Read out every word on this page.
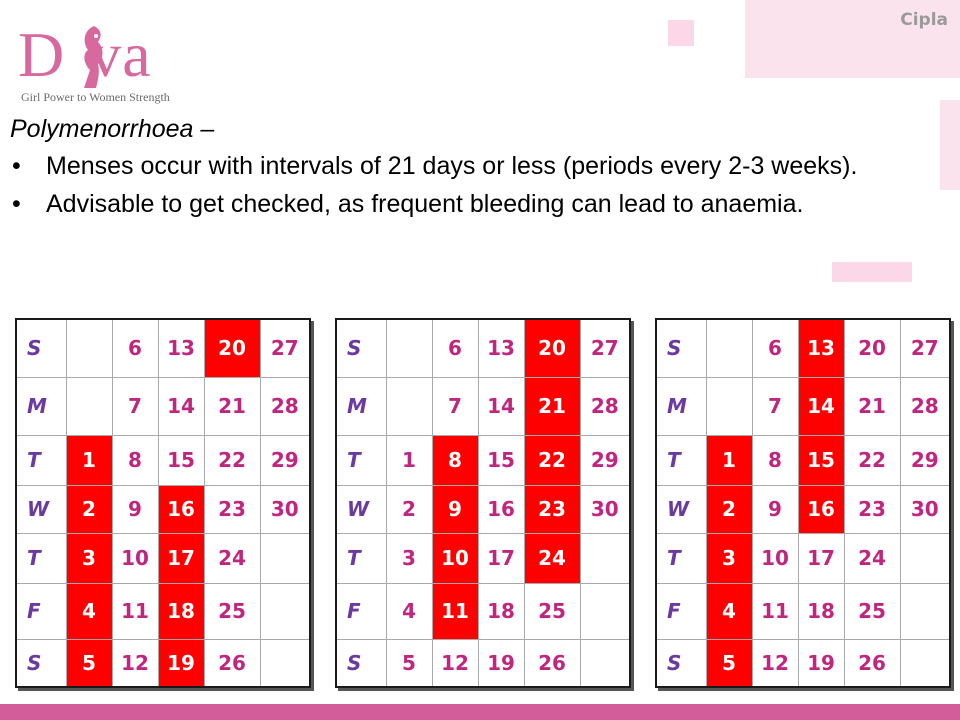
Cipla
D va
Girl Power to Women Strength
Polymenorrhoea –
• Menses occur with intervals of 21 days or less (periods every 2-3 weeks).
• Advisable to get checked, as frequent bleeding can lead to anaemia.
S		6	13	20	27
M		7	14	21	28
T	1	8	15	22	29
W	2	9	16	23	30
T	3	10	17	24	
F	4	11	18	25	
S	5	12	19	26	
S		6	13	20	27
M		7	14	21	28
T	1	8	15	22	29
W	2	9	16	23	30
T	3	10	17	24	
F	4	11	18	25	
S	5	12	19	26	
S		6	13	20	27
M		7	14	21	28
T	1	8	15	22	29
W	2	9	16	23	30
T	3	10	17	24	
F	4	11	18	25	
S	5	12	19	26	
